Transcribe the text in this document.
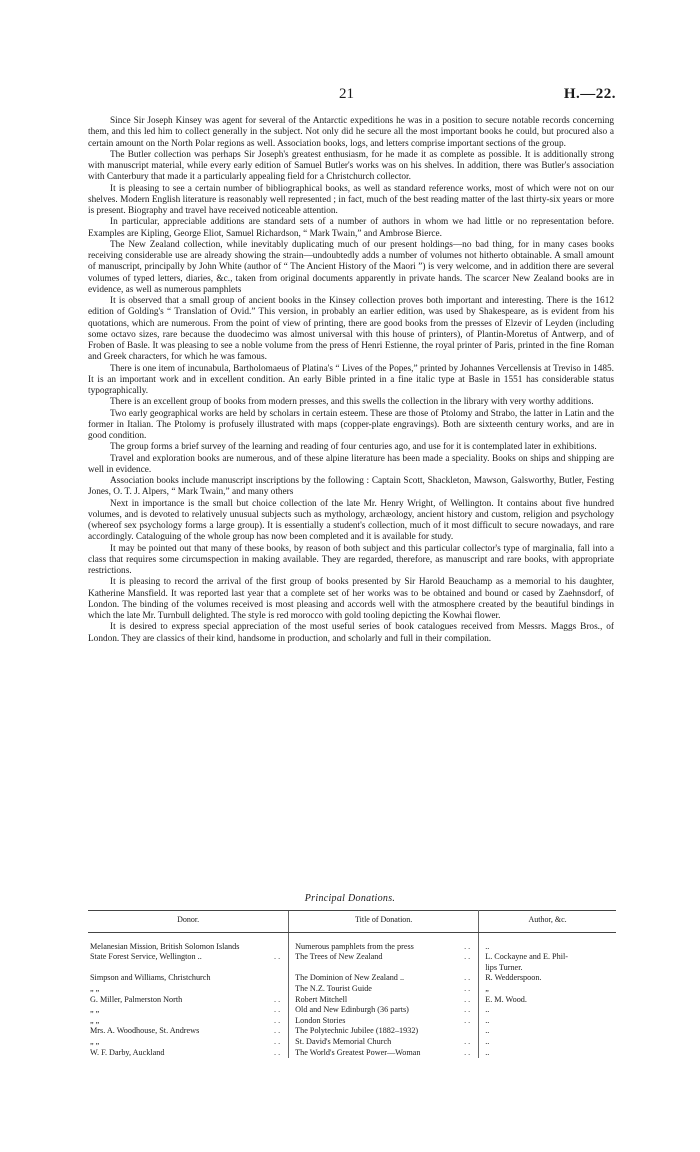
21	H.—22.

Since Sir Joseph Kinsey was agent for several of the Antarctic expeditions he was in a position to secure notable records concerning them, and this led him to collect generally in the subject. Not only did he secure all the most important books he could, but procured also a certain amount on the North Polar regions as well. Association books, logs, and letters comprise important sections of the group.

The Butler collection was perhaps Sir Joseph's greatest enthusiasm, for he made it as complete as possible. It is additionally strong with manuscript material, while every early edition of Samuel Butler's works was on his shelves. In addition, there was Butler's association with Canterbury that made it a particularly appealing field for a Christchurch collector.

It is pleasing to see a certain number of bibliographical books, as well as standard reference works, most of which were not on our shelves. Modern English literature is reasonably well represented ; in fact, much of the best reading matter of the last thirty-six years or more is present. Biography and travel have received noticeable attention.

In particular, appreciable additions are standard sets of a number of authors in whom we had little or no representation before. Examples are Kipling, George Eliot, Samuel Richardson, “ Mark Twain,” and Ambrose Bierce.

The New Zealand collection, while inevitably duplicating much of our present holdings—no bad thing, for in many cases books receiving considerable use are already showing the strain—undoubtedly adds a number of volumes not hitherto obtainable. A small amount of manuscript, principally by John White (author of “ The Ancient History of the Maori ”) is very welcome, and in addition there are several volumes of typed letters, diaries, &c., taken from original documents apparently in private hands. The scarcer New Zealand books are in evidence, as well as numerous pamphlets

It is observed that a small group of ancient books in the Kinsey collection proves both important and interesting. There is the 1612 edition of Golding's “ Translation of Ovid.” This version, in probably an earlier edition, was used by Shakespeare, as is evident from his quotations, which are numerous. From the point of view of printing, there are good books from the presses of Elzevir of Leyden (including some octavo sizes, rare because the duodecimo was almost universal with this house of printers), of Plantin-Moretus of Antwerp, and of Froben of Basle. It was pleasing to see a noble volume from the press of Henri Estienne, the royal printer of Paris, printed in the fine Roman and Greek characters, for which he was famous.

There is one item of incunabula, Bartholomaeus of Platina's “ Lives of the Popes,” printed by Johannes Vercellensis at Treviso in 1485. It is an important work and in excellent condition. An early Bible printed in a fine italic type at Basle in 1551 has considerable status typographically.

There is an excellent group of books from modern presses, and this swells the collection in the library with very worthy additions.

Two early geographical works are held by scholars in certain esteem. These are those of Ptolomy and Strabo, the latter in Latin and the former in Italian. The Ptolomy is profusely illustrated with maps (copper-plate engravings). Both are sixteenth century works, and are in good condition.

The group forms a brief survey of the learning and reading of four centuries ago, and use for it is contemplated later in exhibitions.

Travel and exploration books are numerous, and of these alpine literature has been made a speciality. Books on ships and shipping are well in evidence.

Association books include manuscript inscriptions by the following : Captain Scott, Shackleton, Mawson, Galsworthy, Butler, Festing Jones, O. T. J. Alpers, “ Mark Twain,” and many others

Next in importance is the small but choice collection of the late Mr. Henry Wright, of Wellington. It contains about five hundred volumes, and is devoted to relatively unusual subjects such as mythology, archæology, ancient history and custom, religion and psychology (whereof sex psychology forms a large group). It is essentially a student's collection, much of it most difficult to secure nowadays, and rare accordingly. Cataloguing of the whole group has now been completed and it is available for study.

It may be pointed out that many of these books, by reason of both subject and this particular collector's type of marginalia, fall into a class that requires some circumspection in making available. They are regarded, therefore, as manuscript and rare books, with appropriate restrictions.

It is pleasing to record the arrival of the first group of books presented by Sir Harold Beauchamp as a memorial to his daughter, Katherine Mansfield. It was reported last year that a complete set of her works was to be obtained and bound or cased by Zaehnsdorf, of London. The binding of the volumes received is most pleasing and accords well with the atmosphere created by the beautiful bindings in which the late Mr. Turnbull delighted. The style is red morocco with gold tooling depicting the Kowhai flower.

It is desired to express special appreciation of the most useful series of book catalogues received from Messrs. Maggs Bros., of London. They are classics of their kind, handsome in production, and scholarly and full in their compilation.

Principal Donations.
Donor.	Title of Donation.	Author, &c.

Melanesian Mission, British Solomon Islands	Numerous pamphlets from the press ..	..

State Forest Service, Wellington .. ..	The Trees of New Zealand ..	L. Cockayne and E. Phil-

	lips Turner.

Simpson and Williams, Christchurch	The Dominion of New Zealand .. ..	R. Wedderspoon.

„ „	The N.Z. Tourist Guide ..	„

G. Miller, Palmerston North ..	Robert Mitchell ..	E. M. Wood.

„ „ ..	Old and New Edinburgh (36 parts) ..	..

„ „ ..	London Stories ..	..

Mrs. A. Woodhouse, St. Andrews ..	The Polytechnic Jubilee (1882–1932)	..

„ „ ..	St. David's Memorial Church ..	..

W. F. Darby, Auckland ..	The World's Greatest Power—Woman ..	..
